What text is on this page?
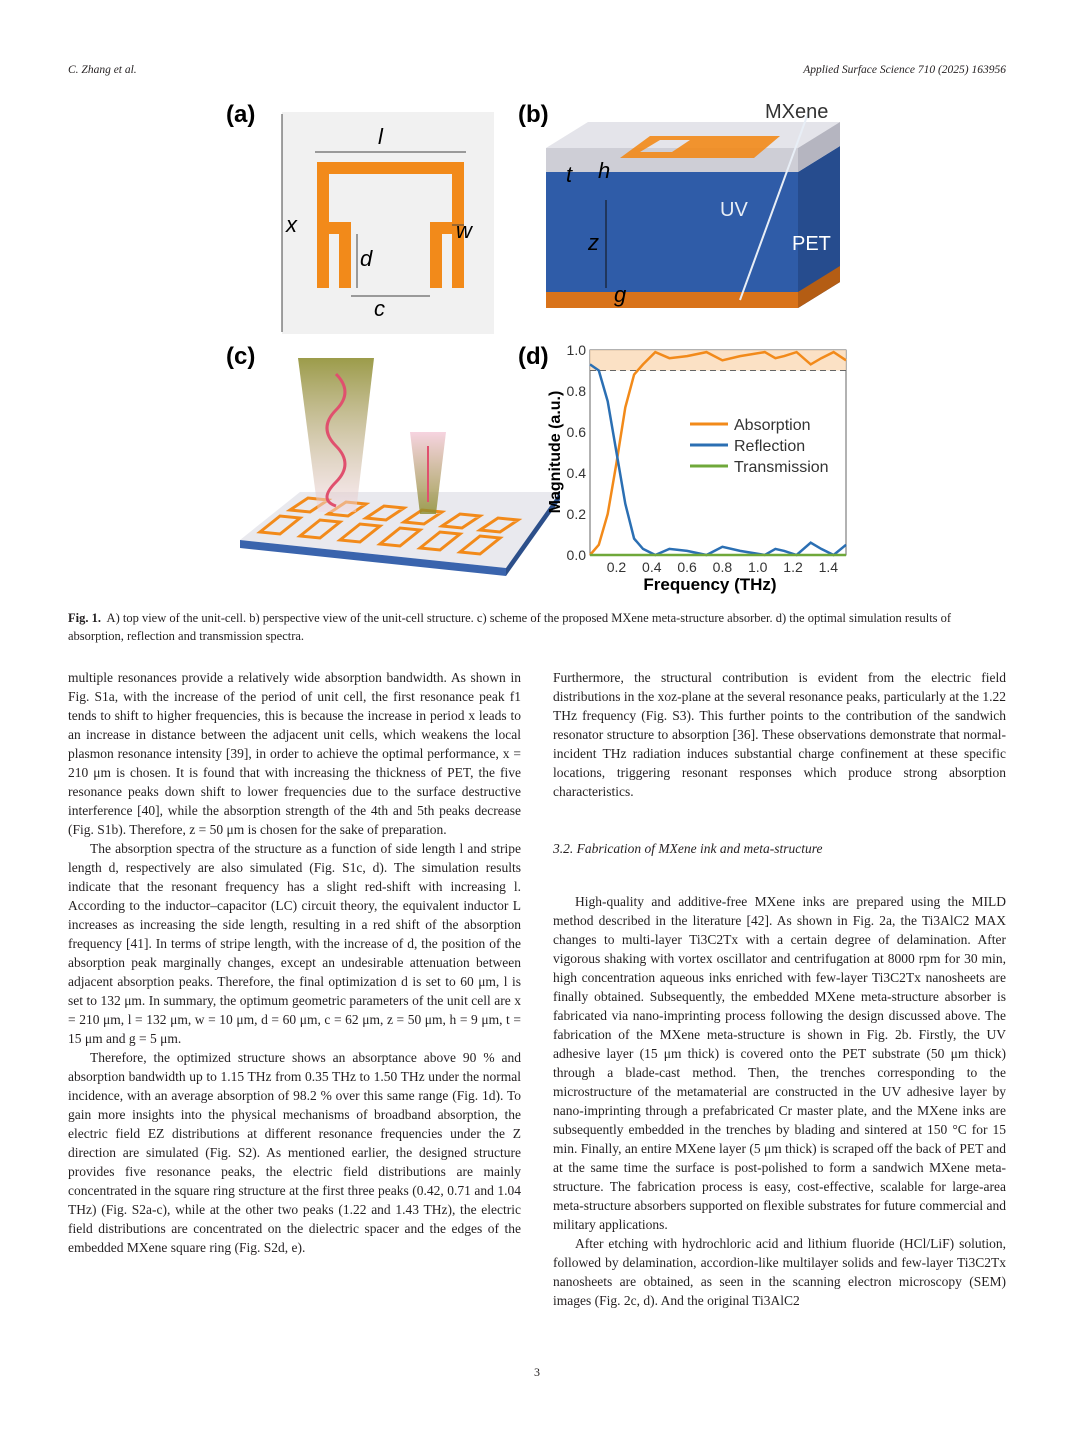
C. Zhang et al.	Applied Surface Science 710 (2025) 163956
(a)
x
l
d
c
w
(b)	MXene
UV
PET
t h
z
g
(c)	(d)
0.0
0.2
0.4
0.6
0.8
1.0
0.2 0.4 0.6 0.8 1.0 1.2 1.4
Absorption
Reflection
Transmission
Frequency (THz)
Magnitude (a.u.)
Fig. 1. A) top view of the unit-cell. b) perspective view of the unit-cell structure. c) scheme of the proposed MXene meta-structure absorber. d) the optimal simulation results of absorption, reflection and transmission spectra.

multiple resonances provide a relatively wide absorption bandwidth. As shown in Fig. S1a, with the increase of the period of unit cell, the first resonance peak f1 tends to shift to higher frequencies, this is because the increase in period x leads to an increase in distance between the adjacent unit cells, which weakens the local plasmon resonance intensity [39], in order to achieve the optimal performance, x = 210 μm is chosen. It is found that with increasing the thickness of PET, the five resonance peaks down shift to lower frequencies due to the surface destructive interference [40], while the absorption strength of the 4th and 5th peaks decrease (Fig. S1b). Therefore, z = 50 μm is chosen for the sake of preparation.

The absorption spectra of the structure as a function of side length l and stripe length d, respectively are also simulated (Fig. S1c, d). The simulation results indicate that the resonant frequency has a slight red-shift with increasing l. According to the inductor–capacitor (LC) circuit theory, the equivalent inductor L increases as increasing the side length, resulting in a red shift of the absorption frequency [41]. In terms of stripe length, with the increase of d, the position of the absorption peak marginally changes, except an undesirable attenuation between adjacent absorption peaks. Therefore, the final optimization d is set to 60 μm, l is set to 132 μm. In summary, the optimum geometric parameters of the unit cell are x = 210 μm, l = 132 μm, w = 10 μm, d = 60 μm, c = 62 μm, z = 50 μm, h = 9 μm, t = 15 μm and g = 5 μm.

Therefore, the optimized structure shows an absorptance above 90 % and absorption bandwidth up to 1.15 THz from 0.35 THz to 1.50 THz under the normal incidence, with an average absorption of 98.2 % over this same range (Fig. 1d). To gain more insights into the physical mechanisms of broadband absorption, the electric field EZ distributions at different resonance frequencies under the Z direction are simulated (Fig. S2). As mentioned earlier, the designed structure provides five resonance peaks, the electric field distributions are mainly concentrated in the square ring structure at the first three peaks (0.42, 0.71 and 1.04 THz) (Fig. S2a-c), while at the other two peaks (1.22 and 1.43 THz), the electric field distributions are concentrated on the dielectric spacer and the edges of the embedded MXene square ring (Fig. S2d, e).

Furthermore, the structural contribution is evident from the electric field distributions in the xoz-plane at the several resonance peaks, particularly at the 1.22 THz frequency (Fig. S3). This further points to the contribution of the sandwich resonator structure to absorption [36]. These observations demonstrate that normal-incident THz radiation induces substantial charge confinement at these specific locations, triggering resonant responses which produce strong absorption characteristics.

3.2. Fabrication of MXene ink and meta-structure

High-quality and additive-free MXene inks are prepared using the MILD method described in the literature [42]. As shown in Fig. 2a, the Ti3AlC2 MAX changes to multi-layer Ti3C2Tx with a certain degree of delamination. After vigorous shaking with vortex oscillator and centrifugation at 8000 rpm for 30 min, high concentration aqueous inks enriched with few-layer Ti3C2Tx nanosheets are finally obtained. Subsequently, the embedded MXene meta-structure absorber is fabricated via nano-imprinting process following the design discussed above. The fabrication of the MXene meta-structure is shown in Fig. 2b. Firstly, the UV adhesive layer (15 μm thick) is covered onto the PET substrate (50 μm thick) through a blade-cast method. Then, the trenches corresponding to the microstructure of the metamaterial are constructed in the UV adhesive layer by nano-imprinting through a prefabricated Cr master plate, and the MXene inks are subsequently embedded in the trenches by blading and sintered at 150 °C for 15 min. Finally, an entire MXene layer (5 μm thick) is scraped off the back of PET and at the same time the surface is post-polished to form a sandwich MXene meta-structure. The fabrication process is easy, cost-effective, scalable for large-area meta-structure absorbers supported on flexible substrates for future commercial and military applications.

After etching with hydrochloric acid and lithium fluoride (HCl/LiF) solution, followed by delamination, accordion-like multilayer solids and few-layer Ti3C2Tx nanosheets are obtained, as seen in the scanning electron microscopy (SEM) images (Fig. 2c, d). And the original Ti3AlC2

3
